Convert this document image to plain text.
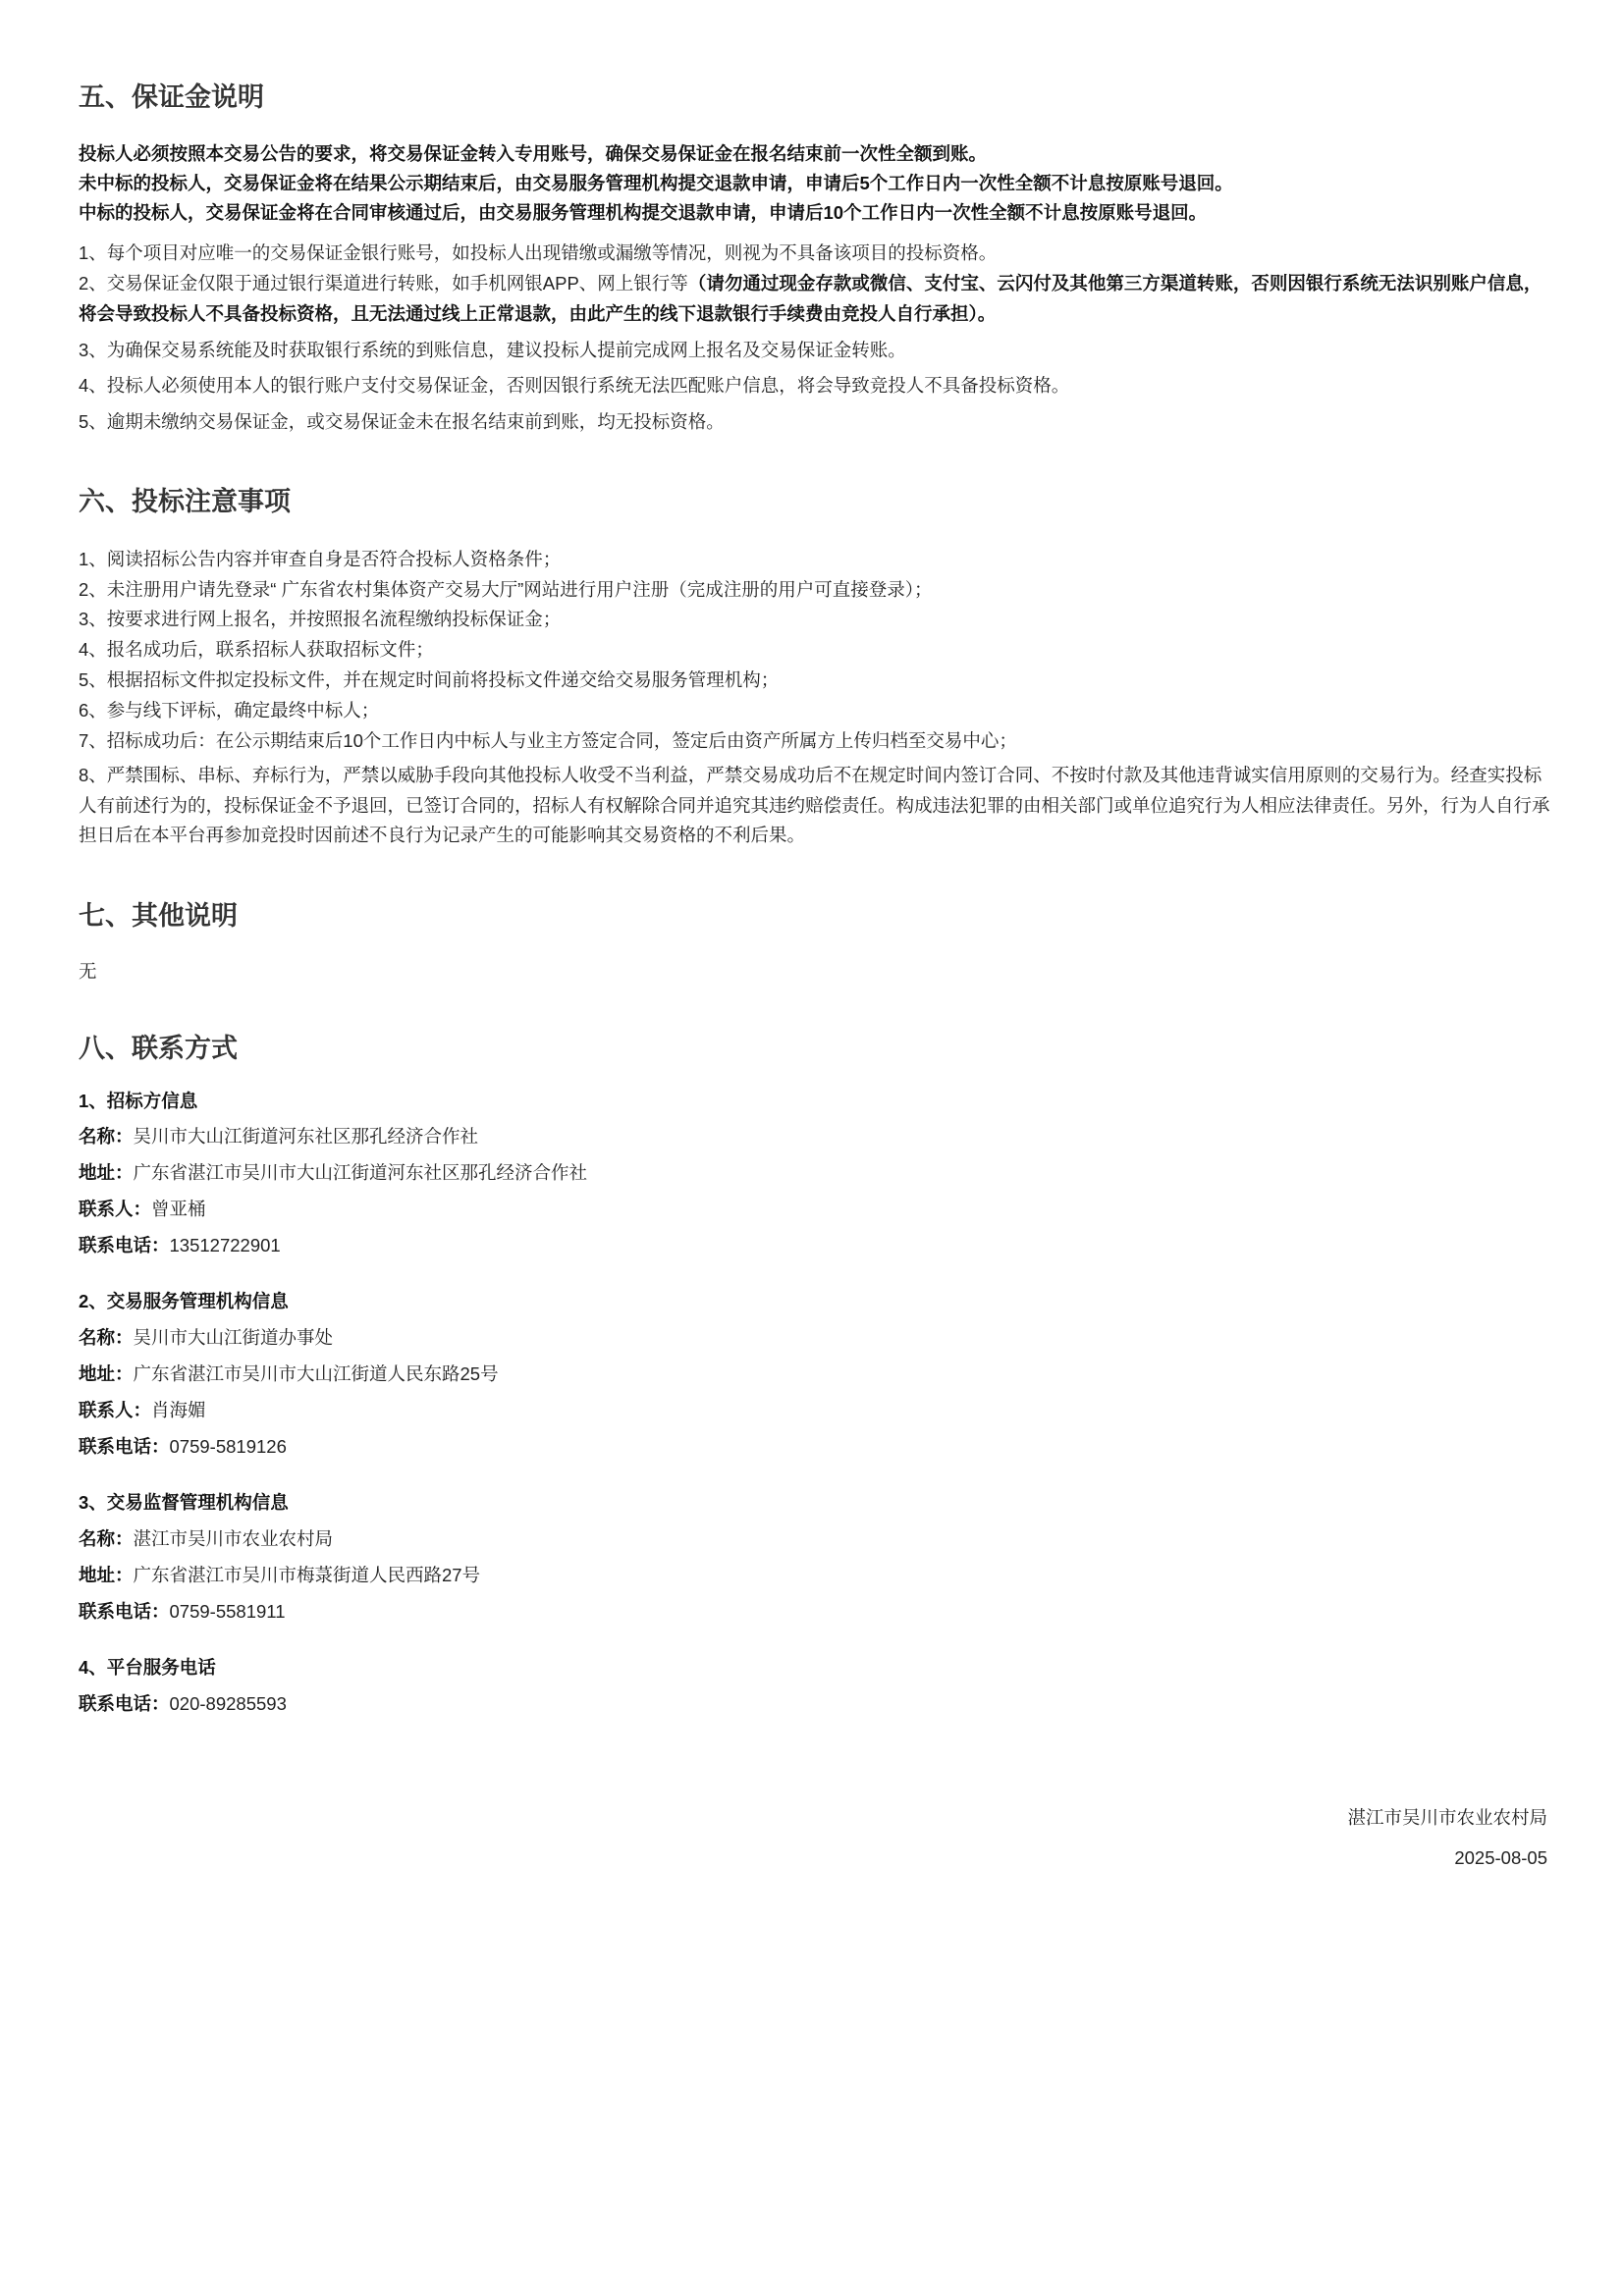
五、保证金说明
投标人必须按照本交易公告的要求，将交易保证金转入专用账号，确保交易保证金在报名结束前一次性全额到账。
未中标的投标人，交易保证金将在结果公示期结束后，由交易服务管理机构提交退款申请，申请后5个工作日内一次性全额不计息按原账号退回。
中标的投标人，交易保证金将在合同审核通过后，由交易服务管理机构提交退款申请，申请后10个工作日内一次性全额不计息按原账号退回。
1、每个项目对应唯一的交易保证金银行账号，如投标人出现错缴或漏缴等情况，则视为不具备该项目的投标资格。
2、交易保证金仅限于通过银行渠道进行转账，如手机网银APP、网上银行等（请勿通过现金存款或微信、支付宝、云闪付及其他第三方渠道转账，否则因银行系统无法识别账户信息，将会导致投标人不具备投标资格，且无法通过线上正常退款，由此产生的线下退款银行手续费由竞投人自行承担）。
3、为确保交易系统能及时获取银行系统的到账信息，建议投标人提前完成网上报名及交易保证金转账。
4、投标人必须使用本人的银行账户支付交易保证金，否则因银行系统无法匹配账户信息，将会导致竞投人不具备投标资格。
5、逾期未缴纳交易保证金，或交易保证金未在报名结束前到账，均无投标资格。
六、投标注意事项
1、阅读招标公告内容并审查自身是否符合投标人资格条件；
2、未注册用户请先登录“ 广东省农村集体资产交易大厅”网站进行用户注册（完成注册的用户可直接登录）；
3、按要求进行网上报名，并按照报名流程缴纳投标保证金；
4、报名成功后，联系招标人获取招标文件；
5、根据招标文件拟定投标文件，并在规定时间前将投标文件递交给交易服务管理机构；
6、参与线下评标，确定最终中标人；
7、招标成功后：在公示期结束后10个工作日内中标人与业主方签定合同，签定后由资产所属方上传归档至交易中心；
8、严禁围标、串标、弃标行为，严禁以威胁手段向其他投标人收受不当利益，严禁交易成功后不在规定时间内签订合同、不按时付款及其他违背诚实信用原则的交易行为。经查实投标人有前述行为的，投标保证金不予退回，已签订合同的，招标人有权解除合同并追究其违约赔偿责任。构成违法犯罪的由相关部门或单位追究行为人相应法律责任。另外，行为人自行承担日后在本平台再参加竞投时因前述不良行为记录产生的可能影响其交易资格的不利后果。
七、其他说明
无
八、联系方式
1、招标方信息
名称：吴川市大山江街道河东社区那孔经济合作社
地址：广东省湛江市吴川市大山江街道河东社区那孔经济合作社
联系人：曾亚桶
联系电话：13512722901
2、交易服务管理机构信息
名称：吴川市大山江街道办事处
地址：广东省湛江市吴川市大山江街道人民东路25号
联系人：肖海媚
联系电话：0759-5819126
3、交易监督管理机构信息
名称：湛江市吴川市农业农村局
地址：广东省湛江市吴川市梅菉街道人民西路27号
联系电话：0759-5581911
4、平台服务电话
联系电话：020-89285593
湛江市吴川市农业农村局
2025-08-05
